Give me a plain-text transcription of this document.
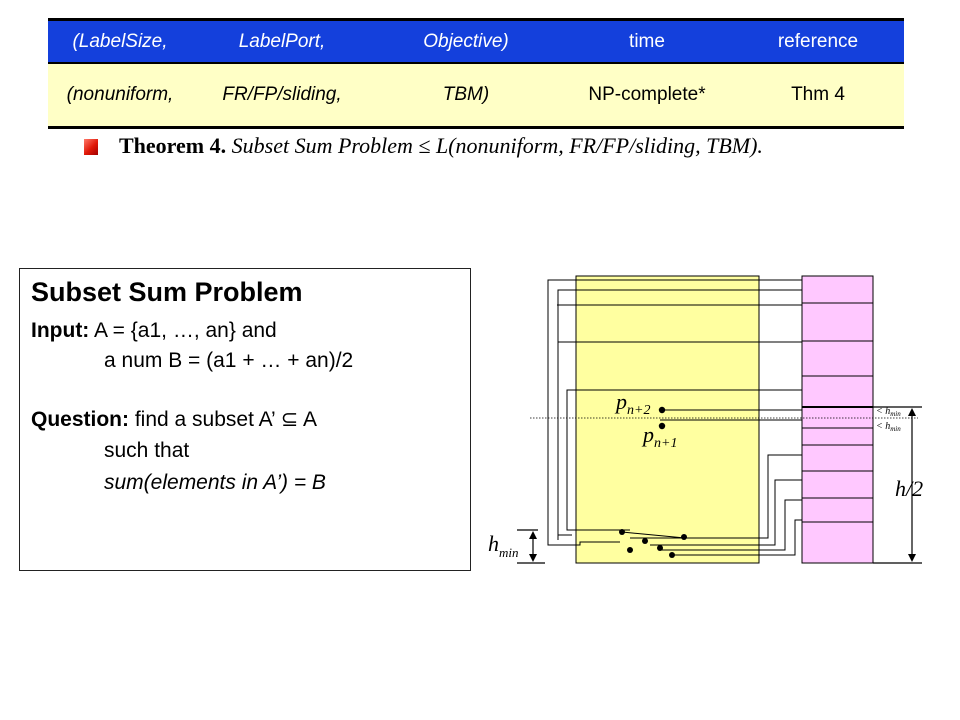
(LabelSize,	LabelPort,	Objective)	time	reference
(nonuniform,	FR/FP/sliding,	TBM)	NP-complete*	Thm 4
Theorem 4. Subset Sum Problem ≤ L(nonuniform, FR/FP/sliding, TBM).
Subset Sum Problem
Input: A = {a1, …, an} and
a num B = (a1 + … + an)/2
Question: find a subset A’ ⊆ A
such that
sum(elements in A’) = B
$p_{n+2}$
$p_{n+1}$
$h_{min}$
h/2
< $h_{min}$
< $h_{min}$
